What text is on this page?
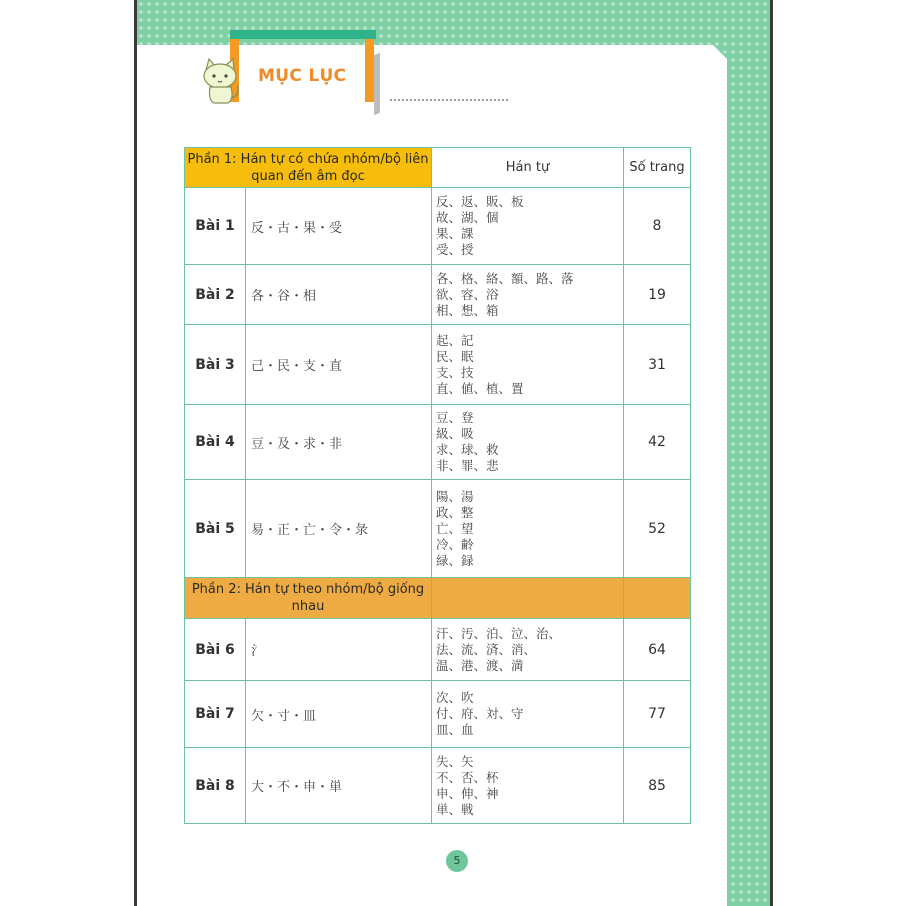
MỤC LỤC
Phần 1: Hán tự có chứa nhóm/bộ liên quan đến âm đọc		Hán tự	Số trang
Bài 1	反・古・果・受	反、返、販、板
故、湖、個
果、課
受、授	8
Bài 2	各・谷・相	各、格、絡、額、路、落
欲、容、浴
相、想、箱	19
Bài 3	己・民・支・直	起、記
民、眠
支、技
直、値、植、置	31
Bài 4	豆・及・求・非	豆、登
級、吸
求、球、救
非、罪、悲	42
Bài 5	易・正・亡・令・彔	陽、湯
政、整
亡、望
冷、齢
緑、録	52
Phần 2: Hán tự theo nhóm/bộ giống nhau			
Bài 6	氵	汗、汚、泊、泣、治、
法、流、済、消、
温、港、渡、満	64
Bài 7	欠・寸・皿	次、吹
付、府、対、守
皿、血	77
Bài 8	大・不・申・単	失、矢
不、否、杯
申、伸、神
単、戦	85
5
